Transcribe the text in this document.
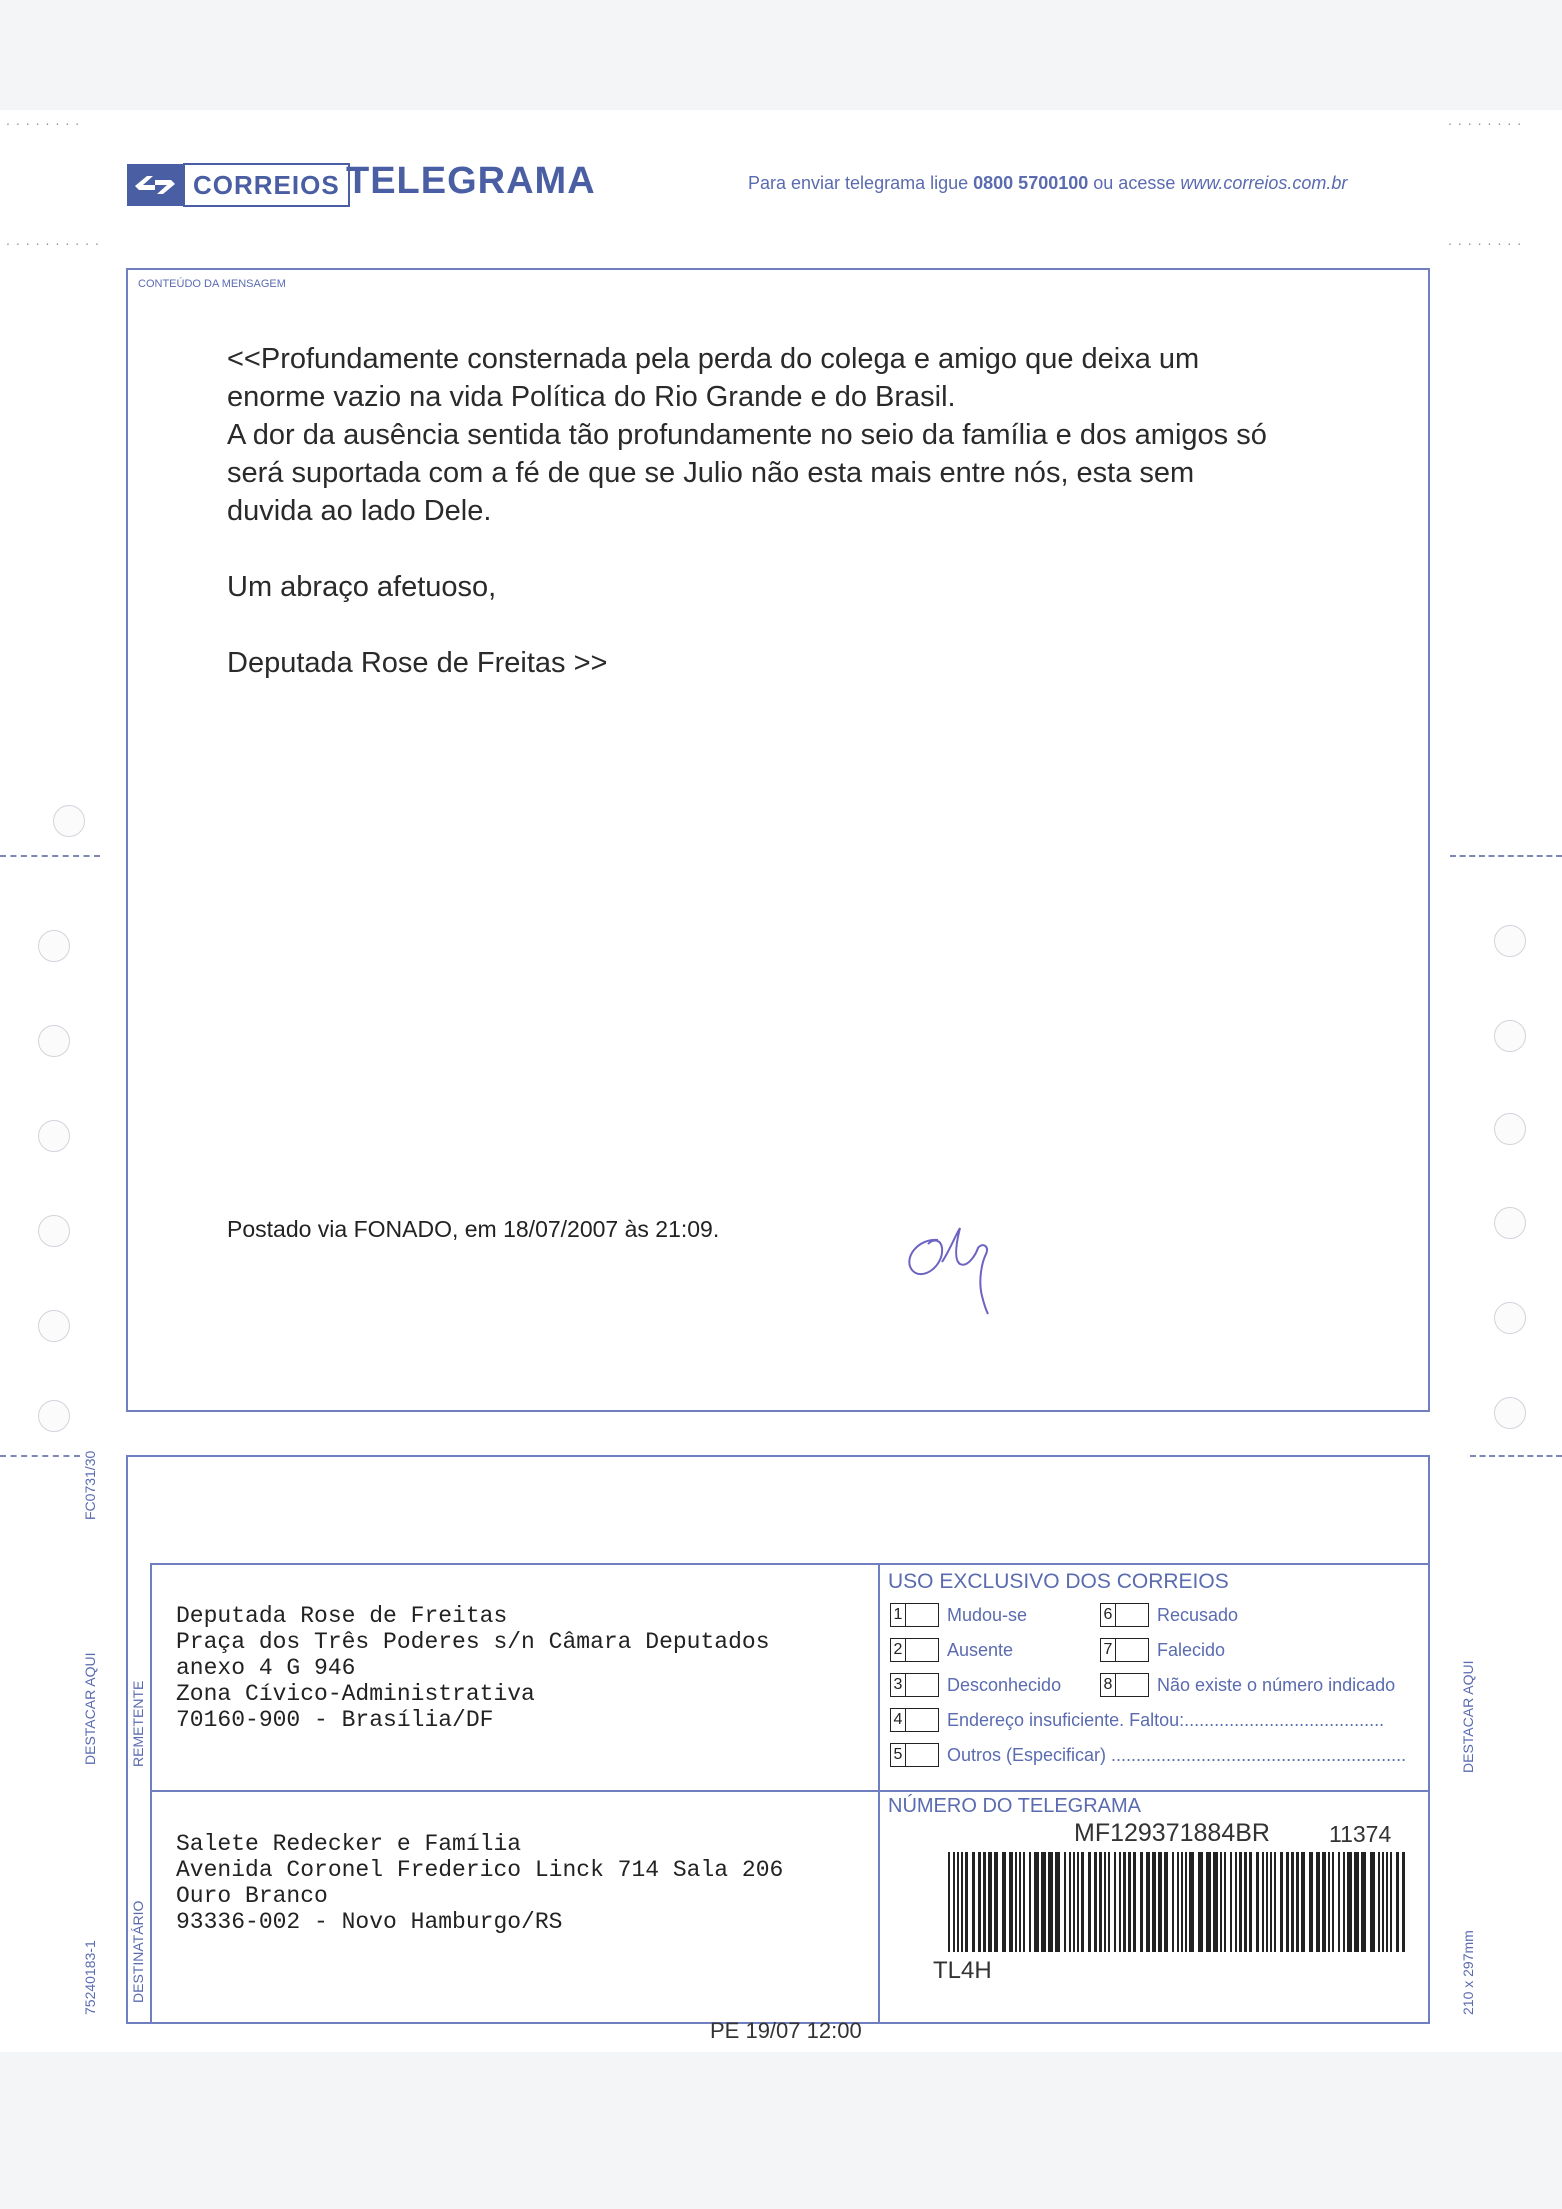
........
..........
........
........
CORREIOS TELEGRAMA	Para enviar telegrama ligue 0800 5700100 ou acesse www.correios.com.br
CONTEÚDO DA MENSAGEM

<<Profundamente consternada pela perda do colega e amigo que deixa um

enorme vazio na vida Política do Rio Grande e do Brasil.

A dor da ausência sentida tão profundamente no seio da família e dos amigos só

será suportada com a fé de que se Julio não esta mais entre nós, esta sem

duvida ao lado Dele.

Um abraço afetuoso,

Deputada Rose de Freitas >>

Postado via FONADO, em 18/07/2007 às 21:09.
REMETENTE
DESTINATÁRIO
Deputada Rose de Freitas
Praça dos Três Poderes s/n Câmara Deputados
anexo 4 G 946
Zona Cívico-Administrativa
70160-900 - Brasília/DF
Salete Redecker e Família
Avenida Coronel Frederico Linck 714 Sala 206
Ouro Branco
93336-002 - Novo Hamburgo/RS
USO EXCLUSIVO DOS CORREIOS
1 Mudou-se	6 Recusado
2 Ausente	7 Falecido
3 Desconhecido	8 Não existe o número indicado
4 Endereço insuficiente. Faltou:........................................
5 Outros (Especificar) ...........................................................
NÚMERO DO TELEGRAMA
MF129371884BR	11374
TL4H
PE 19/07 12:00
FC0731/30
DESTACAR AQUI
75240183-1
DESTACAR AQUI
210 x 297mm
